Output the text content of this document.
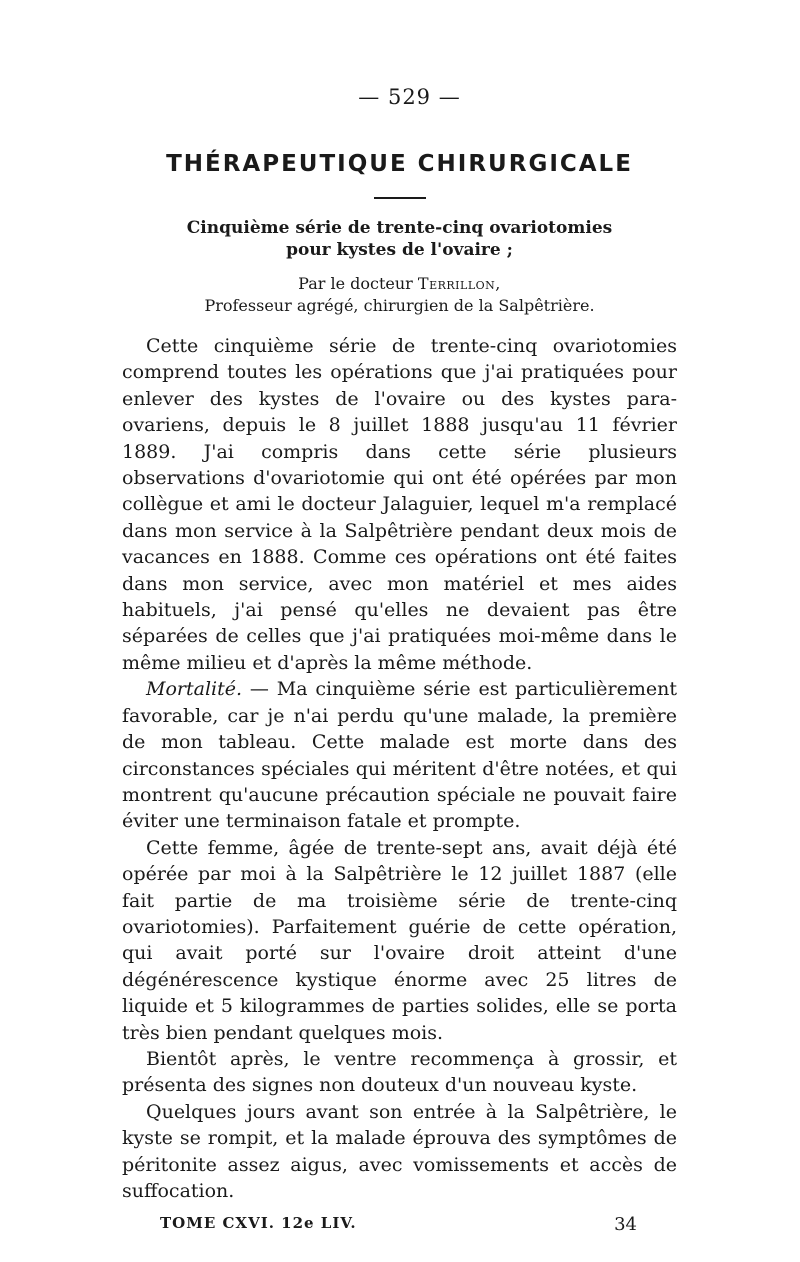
— 529 —
THÉRAPEUTIQUE CHIRURGICALE
Cinquième série de trente-cinq ovariotomies
pour kystes de l'ovaire ;
Par le docteur Terrillon,
Professeur agrégé, chirurgien de la Salpêtrière.

Cette cinquième série de trente-cinq ovariotomies comprend toutes les opérations que j'ai pratiquées pour enlever des kystes de l'ovaire ou des kystes para-ovariens, depuis le 8 juillet 1888 jusqu'au 11 février 1889. J'ai compris dans cette série plusieurs observations d'ovariotomie qui ont été opérées par mon collègue et ami le docteur Jalaguier, lequel m'a remplacé dans mon service à la Salpêtrière pendant deux mois de vacances en 1888. Comme ces opérations ont été faites dans mon service, avec mon matériel et mes aides habituels, j'ai pensé qu'elles ne devaient pas être séparées de celles que j'ai pratiquées moi-même dans le même milieu et d'après la même méthode.

Mortalité. — Ma cinquième série est particulièrement favorable, car je n'ai perdu qu'une malade, la première de mon tableau. Cette malade est morte dans des circonstances spéciales qui méritent d'être notées, et qui montrent qu'aucune précaution spéciale ne pouvait faire éviter une terminaison fatale et prompte.

Cette femme, âgée de trente-sept ans, avait déjà été opérée par moi à la Salpêtrière le 12 juillet 1887 (elle fait partie de ma troisième série de trente-cinq ovariotomies). Parfaitement guérie de cette opération, qui avait porté sur l'ovaire droit atteint d'une dégénérescence kystique énorme avec 25 litres de liquide et 5 kilogrammes de parties solides, elle se porta très bien pendant quelques mois.

Bientôt après, le ventre recommença à grossir, et présenta des signes non douteux d'un nouveau kyste.

Quelques jours avant son entrée à la Salpêtrière, le kyste se rompit, et la malade éprouva des symptômes de péritonite assez aigus, avec vomissements et accès de suffocation.

TOME CXVI. 12e LIV.	34
